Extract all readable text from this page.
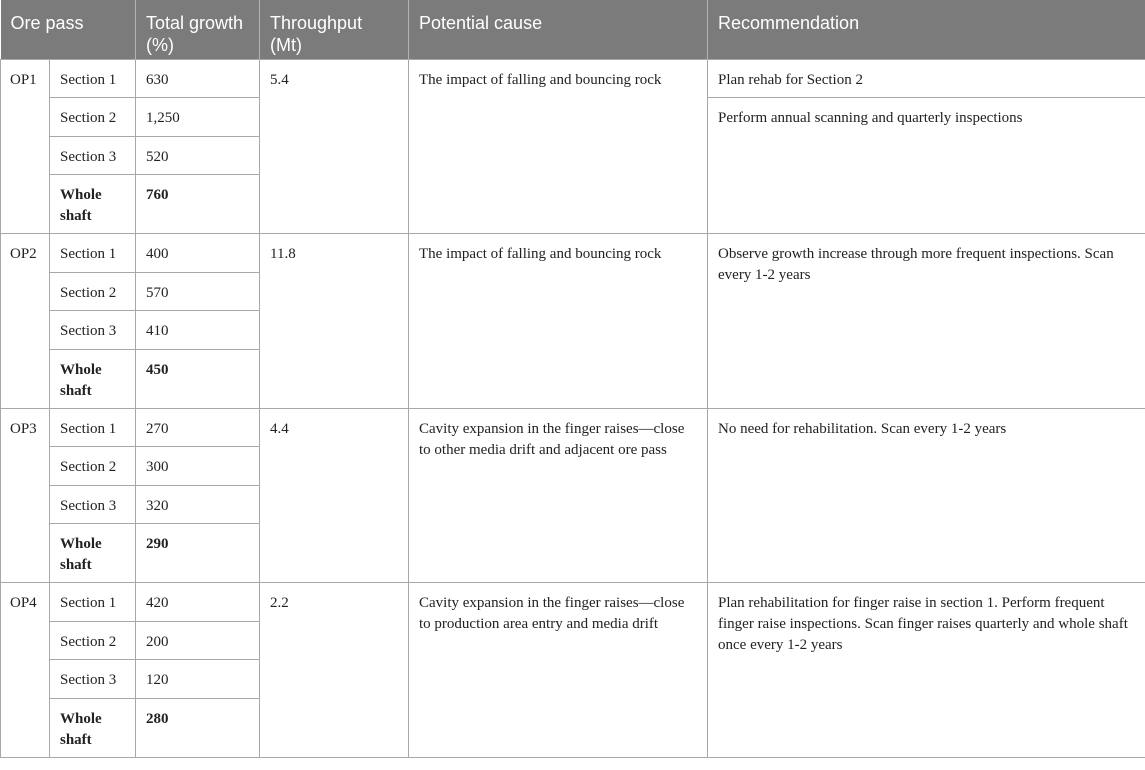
Ore pass		Total growth (%)	Throughput (Mt)	Potential cause	Recommendation
OP1	Section 1	630	5.4	The impact of falling and bouncing rock	Plan rehab for Section 2
	Section 2	1,250			Perform annual scanning and quarterly inspections
	Section 3	520			
	Whole shaft	760			
OP2	Section 1	400	11.8	The impact of falling and bouncing rock	Observe growth increase through more frequent inspections. Scan every 1-2 years
	Section 2	570			
	Section 3	410			
	Whole shaft	450			
OP3	Section 1	270	4.4	Cavity expansion in the finger raises—close to other media drift and adjacent ore pass	No need for rehabilitation. Scan every 1-2 years
	Section 2	300			
	Section 3	320			
	Whole shaft	290			
OP4	Section 1	420	2.2	Cavity expansion in the finger raises—close to production area entry and media drift	Plan rehabilitation for finger raise in section 1. Perform frequent finger raise inspections. Scan finger raises quarterly and whole shaft once every 1-2 years
	Section 2	200			
	Section 3	120			
	Whole shaft	280			
